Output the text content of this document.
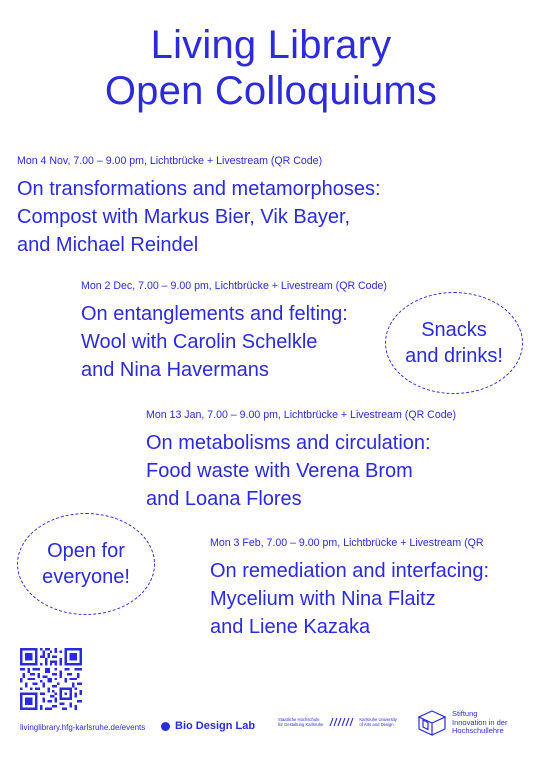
Living Library
Open Colloquiums
Mon 4 Nov, 7.00 – 9.00 pm, Lichtbrücke + Livestream (QR Code)
On transformations and metamorphoses:
Compost with Markus Bier, Vik Bayer,
and Michael Reindel
Mon 2 Dec, 7.00 – 9.00 pm, Lichtbrücke + Livestream (QR Code)
On entanglements and felting:
Wool with Carolin Schelkle
and Nina Havermans
Mon 13 Jan, 7.00 – 9.00 pm, Lichtbrücke + Livestream (QR Code)
On metabolisms and circulation:
Food waste with Verena Brom
and Loana Flores
Mon 3 Feb, 7.00 – 9.00 pm, Lichtbrücke + Livestream (QR
On remediation and interfacing:
Mycelium with Nina Flaitz
and Liene Kazaka
Snacks
and drinks!
Open for
everyone!
livinglibrary.hfg-karlsruhe.de/events	Bio Design Lab
Staatliche Hochschule
für Gestaltung Karlsruhe
Karlsruhe University
of Arts and Design
Stiftung
Innovation in der
Hochschullehre
